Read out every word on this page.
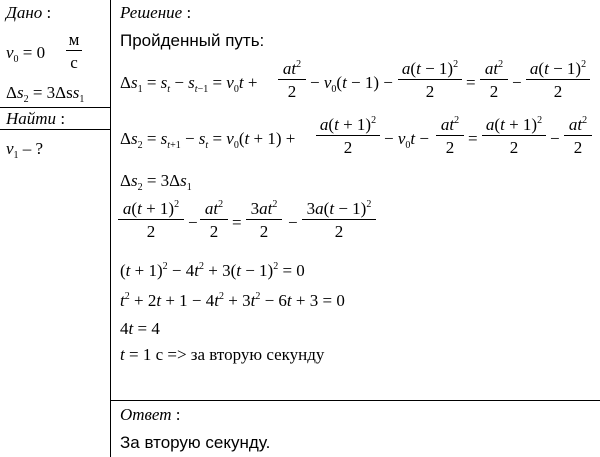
Дано :
$v_0 = 0$
м
с
$\Delta s_2 = 3\Delta ss_1$
Найти :
$v_1$ – ?
Решение :
Пройденный путь:
$\Delta s_1 = s_t - s_{t-1} = v_0t + \frac{at^2}{2} - v_0(t - 1) - \frac{a(t - 1)^2}{2} = \frac{at^2}{2} - \frac{a(t - 1)^2}{2}$
$\Delta s_2 = s_{t+1} - s_t = v_0(t + 1) + \frac{a(t + 1)^2}{2} - v_0t - \frac{at^2}{2} = \frac{a(t + 1)^2}{2} - \frac{at^2}{2}$
$\Delta s_2 = 3\Delta s_1$
$\frac{a(t + 1)^2}{2} - \frac{at^2}{2} = \frac{3at^2}{2} - \frac{3a(t - 1)^2}{2}$
$(t + 1)^2 - 4t^2 + 3(t - 1)^2 = 0$
$t^2 + 2t + 1 - 4t^2 + 3t^2 - 6t + 3 = 0$
4t = 4
t = 1 с => за вторую секунду
Ответ :
За вторую секунду.
